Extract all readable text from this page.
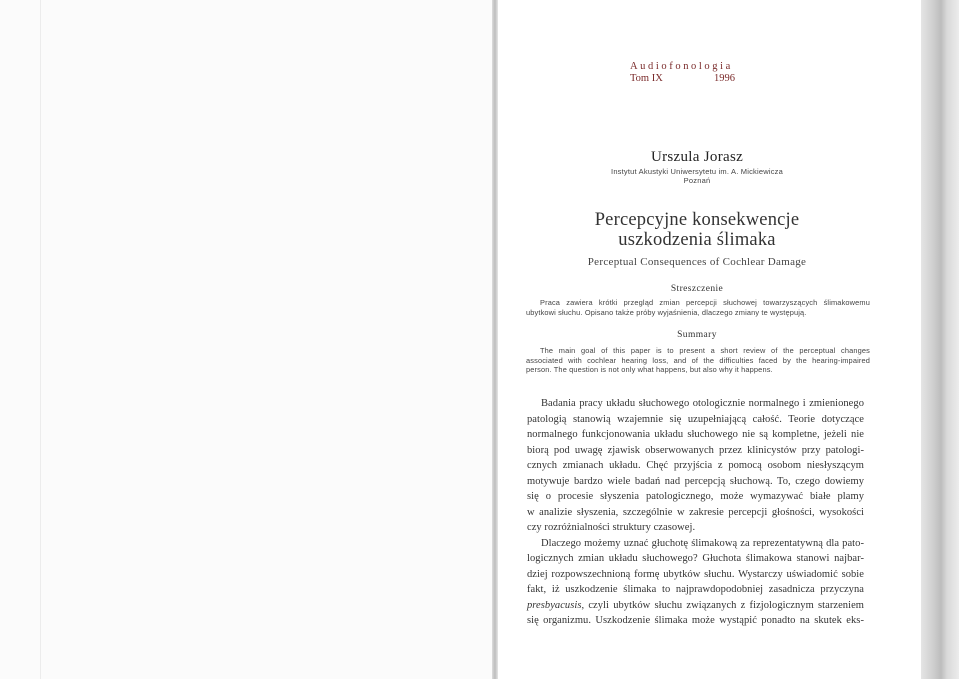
Audiofonologia
Tom IX	1996
Urszula Jorasz
Instytut Akustyki Uniwersytetu im. A. Mickiewicza
Poznań
Percepcyjne konsekwencje
uszkodzenia ślimaka
Perceptual Consequences of Cochlear Damage
Streszczenie

Praca zawiera krótki przegląd zmian percepcji słuchowej towarzyszących ślimakowemu
ubytkowi słuchu. Opisano także próby wyjaśnienia, dlaczego zmiany te występują.

Summary

The main goal of this paper is to present a short review of the perceptual changes
associated with cochlear hearing loss, and of the difficulties faced by the hearing-impaired
person. The question is not only what happens, but also why it happens.

Badania pracy układu słuchowego otologicznie normalnego i zmienionego
patologią stanowią wzajemnie się uzupełniającą całość. Teorie dotyczące
normalnego funkcjonowania układu słuchowego nie są kompletne, jeżeli nie
biorą pod uwagę zjawisk obserwowanych przez klinicystów przy patologi-
cznych zmianach układu. Chęć przyjścia z pomocą osobom niesłyszącym
motywuje bardzo wiele badań nad percepcją słuchową. To, czego dowiemy
się o procesie słyszenia patologicznego, może wymazywać białe plamy
w analizie słyszenia, szczególnie w zakresie percepcji głośności, wysokości
czy rozróżnialności struktury czasowej.
Dlaczego możemy uznać głuchotę ślimakową za reprezentatywną dla pato-
logicznych zmian układu słuchowego? Głuchota ślimakowa stanowi najbar-
dziej rozpowszechnioną formę ubytków słuchu. Wystarczy uświadomić sobie
fakt, iż uszkodzenie ślimaka to najprawdopodobniej zasadnicza przyczyna
presbyacusis, czyli ubytków słuchu związanych z fizjologicznym starzeniem
się organizmu. Uszkodzenie ślimaka może wystąpić ponadto na skutek eks-
